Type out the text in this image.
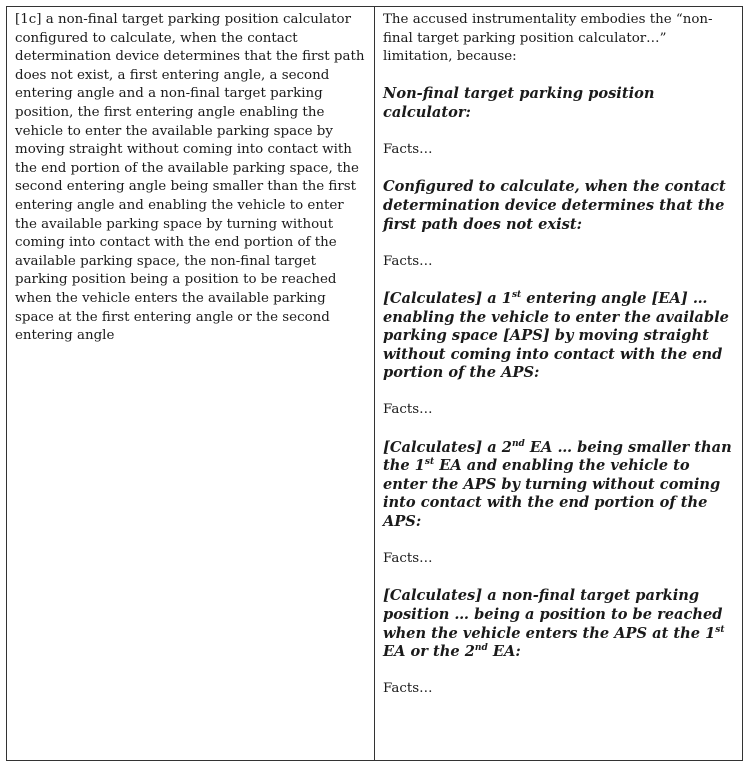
[1c] a non-final target parking position calculator configured to calculate, when the contact determination device determines that the first path does not exist, a first entering angle, a second entering angle and a non-final target parking position, the first entering angle enabling the vehicle to enter the available parking space by moving straight without coming into contact with the end portion of the available parking space, the second entering angle being smaller than the first entering angle and enabling the vehicle to enter the available parking space by turning without coming into contact with the end portion of the available parking space, the non-final target parking position being a position to be reached when the vehicle enters the available parking space at the first entering angle or the second entering angle

The accused instrumentality embodies the “non-final target parking position calculator…” limitation, because:

Non-final target parking position calculator:

Facts…

Configured to calculate, when the contact determination device determines that the first path does not exist:

Facts…

[Calculates] a 1st entering angle [EA] … enabling the vehicle to enter the available parking space [APS] by moving straight without coming into contact with the end portion of the APS:

Facts…

[Calculates] a 2nd EA … being smaller than the 1st EA and enabling the vehicle to enter the APS by turning without coming into contact with the end portion of the APS:

Facts…

[Calculates] a non-final target parking position … being a position to be reached when the vehicle enters the APS at the 1st EA or the 2nd EA:

Facts…
